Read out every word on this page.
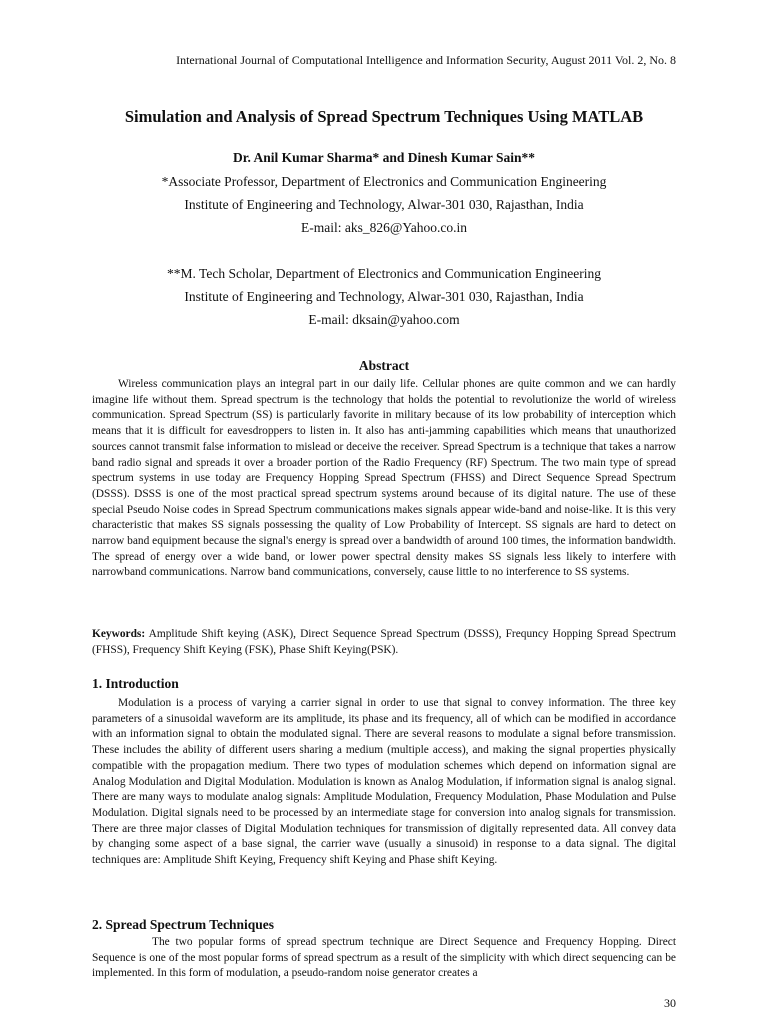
International Journal of Computational Intelligence and Information Security, August 2011 Vol. 2, No. 8
Simulation and Analysis of Spread Spectrum Techniques Using MATLAB
Dr. Anil Kumar Sharma* and Dinesh Kumar Sain**
*Associate Professor, Department of Electronics and Communication Engineering
Institute of Engineering and Technology, Alwar-301 030, Rajasthan, India
E-mail: aks_826@Yahoo.co.in
**M. Tech Scholar, Department of Electronics and Communication Engineering
Institute of Engineering and Technology, Alwar-301 030, Rajasthan, India
E-mail: dksain@yahoo.com
Abstract

Wireless communication plays an integral part in our daily life. Cellular phones are quite common and we can hardly imagine life without them. Spread spectrum is the technology that holds the potential to revolutionize the world of wireless communication. Spread Spectrum (SS) is particularly favorite in military because of its low probability of interception which means that it is difficult for eavesdroppers to listen in. It also has anti-jamming capabilities which means that unauthorized sources cannot transmit false information to mislead or deceive the receiver. Spread Spectrum is a technique that takes a narrow band radio signal and spreads it over a broader portion of the Radio Frequency (RF) Spectrum. The two main type of spread spectrum systems in use today are Frequency Hopping Spread Spectrum (FHSS) and Direct Sequence Spread Spectrum (DSSS). DSSS is one of the most practical spread spectrum systems around because of its digital nature. The use of these special Pseudo Noise codes in Spread Spectrum communications makes signals appear wide-band and noise-like. It is this very characteristic that makes SS signals possessing the quality of Low Probability of Intercept. SS signals are hard to detect on narrow band equipment because the signal's energy is spread over a bandwidth of around 100 times, the information bandwidth. The spread of energy over a wide band, or lower power spectral density makes SS signals less likely to interfere with narrowband communications. Narrow band communications, conversely, cause little to no interference to SS systems.

Keywords: Amplitude Shift keying (ASK), Direct Sequence Spread Spectrum (DSSS), Frequncy Hopping Spread Spectrum (FHSS), Frequency Shift Keying (FSK), Phase Shift Keying(PSK).

1. Introduction

Modulation is a process of varying a carrier signal in order to use that signal to convey information. The three key parameters of a sinusoidal waveform are its amplitude, its phase and its frequency, all of which can be modified in accordance with an information signal to obtain the modulated signal. There are several reasons to modulate a signal before transmission. These includes the ability of different users sharing a medium (multiple access), and making the signal properties physically compatible with the propagation medium. There two types of modulation schemes which depend on information signal are Analog Modulation and Digital Modulation. Modulation is known as Analog Modulation, if information signal is analog signal. There are many ways to modulate analog signals: Amplitude Modulation, Frequency Modulation, Phase Modulation and Pulse Modulation. Digital signals need to be processed by an intermediate stage for conversion into analog signals for transmission. There are three major classes of Digital Modulation techniques for transmission of digitally represented data. All convey data by changing some aspect of a base signal, the carrier wave (usually a sinusoid) in response to a data signal. The digital techniques are: Amplitude Shift Keying, Frequency shift Keying and Phase shift Keying.

2. Spread Spectrum Techniques

The two popular forms of spread spectrum technique are Direct Sequence and Frequency Hopping. Direct Sequence is one of the most popular forms of spread spectrum as a result of the simplicity with which direct sequencing can be implemented. In this form of modulation, a pseudo-random noise generator creates a

30
